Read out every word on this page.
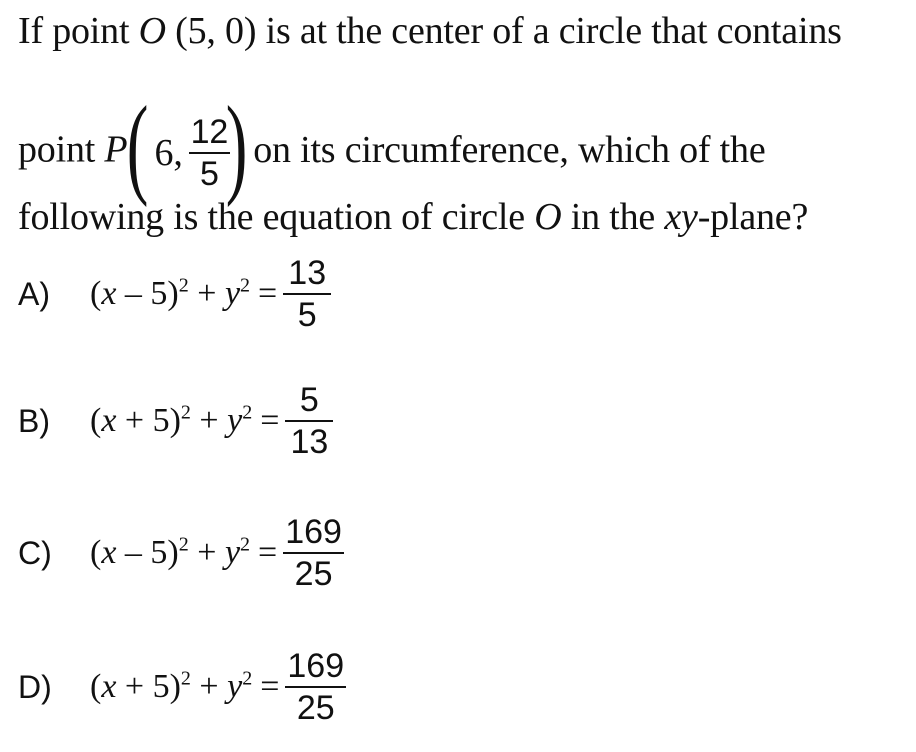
If point O (5, 0) is at the center of a circle that contains
point P ( 6, $\frac{12}{5}$
) on its circumference, which of the
following is the equation of circle O in the xy-plane?
A)	$(x - 5)^2 + y^2 = \frac{13}{5}$
B)	$(x + 5)^2 + y^2 = \frac{5}{13}$
C)	$(x - 5)^2 + y^2 = \frac{169}{25}$
D)	$(x + 5)^2 + y^2 = \frac{169}{25}$
